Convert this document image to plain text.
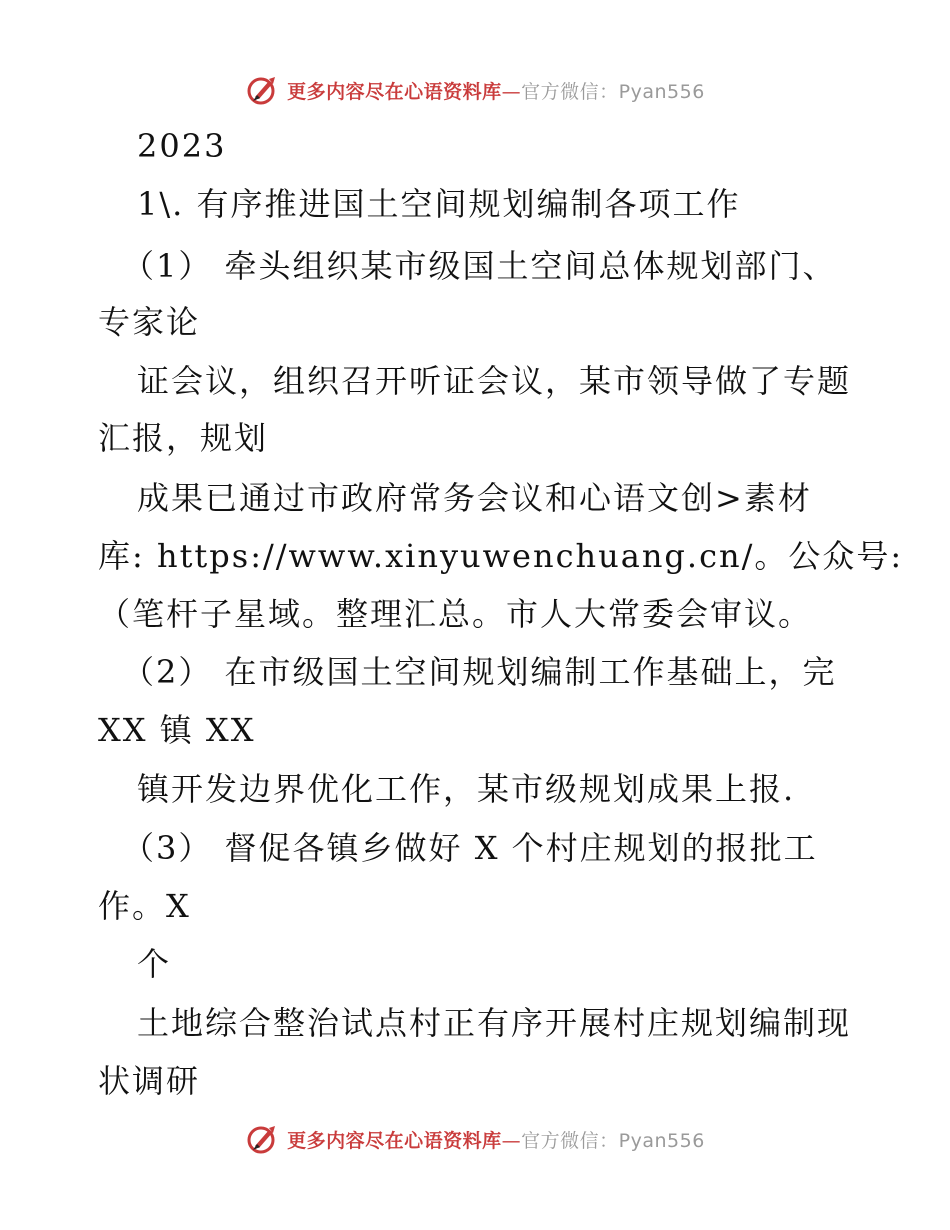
更多内容尽在心语资料库—官方微信：Pyan556
2023
1\. 有序推进国土空间规划编制各项工作
（1） 牵头组织某市级国土空间总体规划部门、
专家论
证会议，组织召开听证会议，某市领导做了专题
汇报，规划
成果已通过市政府常务会议和心语文创>素材
库: https://www.xinyuwenchuang.cn/。公众号:
（笔杆子星域。整理汇总。市人大常委会审议。
（2） 在市级国土空间规划编制工作基础上，完
XX 镇 XX
镇开发边界优化工作，某市级规划成果上报.
（3） 督促各镇乡做好 X 个村庄规划的报批工
作。X
个
土地综合整治试点村正有序开展村庄规划编制现
状调研
更多内容尽在心语资料库—官方微信：Pyan556
